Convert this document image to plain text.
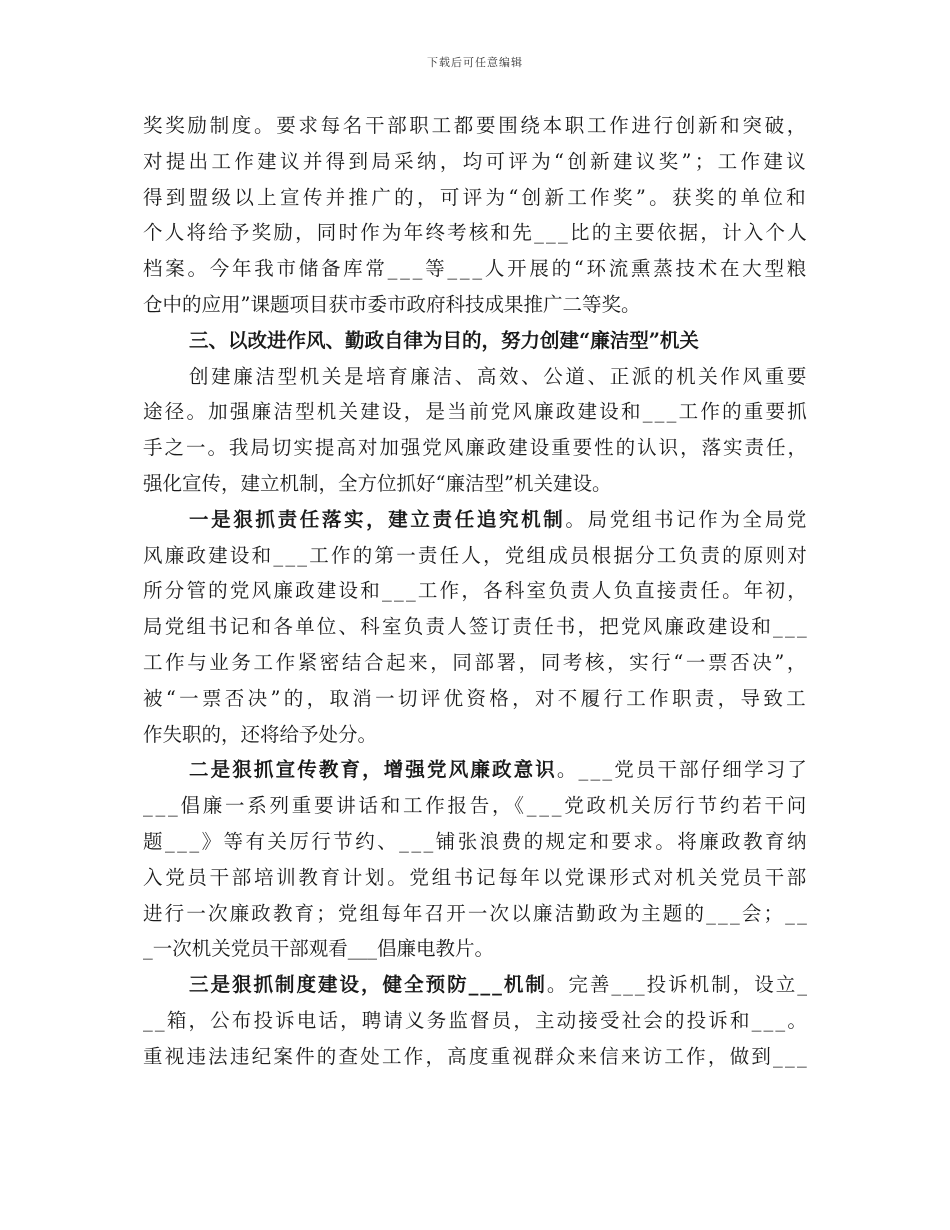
下载后可任意编辑
奖奖励制度。要求每名干部职工都要围绕本职工作进行创新和突破，
对提出工作建议并得到局采纳，均可评为“创新建议奖”；工作建议
得到盟级以上宣传并推广的，可评为“创新工作奖”。获奖的单位和
个人将给予奖励，同时作为年终考核和先___比的主要依据，计入个人
档案。今年我市储备库常___等___人开展的“环流熏蒸技术在大型粮
仓中的应用”课题项目获市委市政府科技成果推广二等奖。
三、以改进作风、勤政自律为目的，努力创建“廉洁型”机关
创建廉洁型机关是培育廉洁、高效、公道、正派的机关作风重要
途径。加强廉洁型机关建设，是当前党风廉政建设和___工作的重要抓
手之一。我局切实提高对加强党风廉政建设重要性的认识，落实责任，
强化宣传，建立机制，全方位抓好“廉洁型”机关建设。
一是狠抓责任落实，建立责任追究机制。局党组书记作为全局党
风廉政建设和___工作的第一责任人，党组成员根据分工负责的原则对
所分管的党风廉政建设和___工作，各科室负责人负直接责任。年初，
局党组书记和各单位、科室负责人签订责任书，把党风廉政建设和___
工作与业务工作紧密结合起来，同部署，同考核，实行“一票否决”，
被“一票否决”的，取消一切评优资格，对不履行工作职责，导致工
作失职的，还将给予处分。
二是狠抓宣传教育，增强党风廉政意识。___党员干部仔细学习了
___倡廉一系列重要讲话和工作报告，《___党政机关厉行节约若干问
题___》等有关厉行节约、___铺张浪费的规定和要求。将廉政教育纳
入党员干部培训教育计划。党组书记每年以党课形式对机关党员干部
进行一次廉政教育；党组每年召开一次以廉洁勤政为主题的___会；__
_一次机关党员干部观看___倡廉电教片。
三是狠抓制度建设，健全预防___机制。完善___投诉机制，设立_
__箱，公布投诉电话，聘请义务监督员，主动接受社会的投诉和___。
重视违法违纪案件的查处工作，高度重视群众来信来访工作，做到___
